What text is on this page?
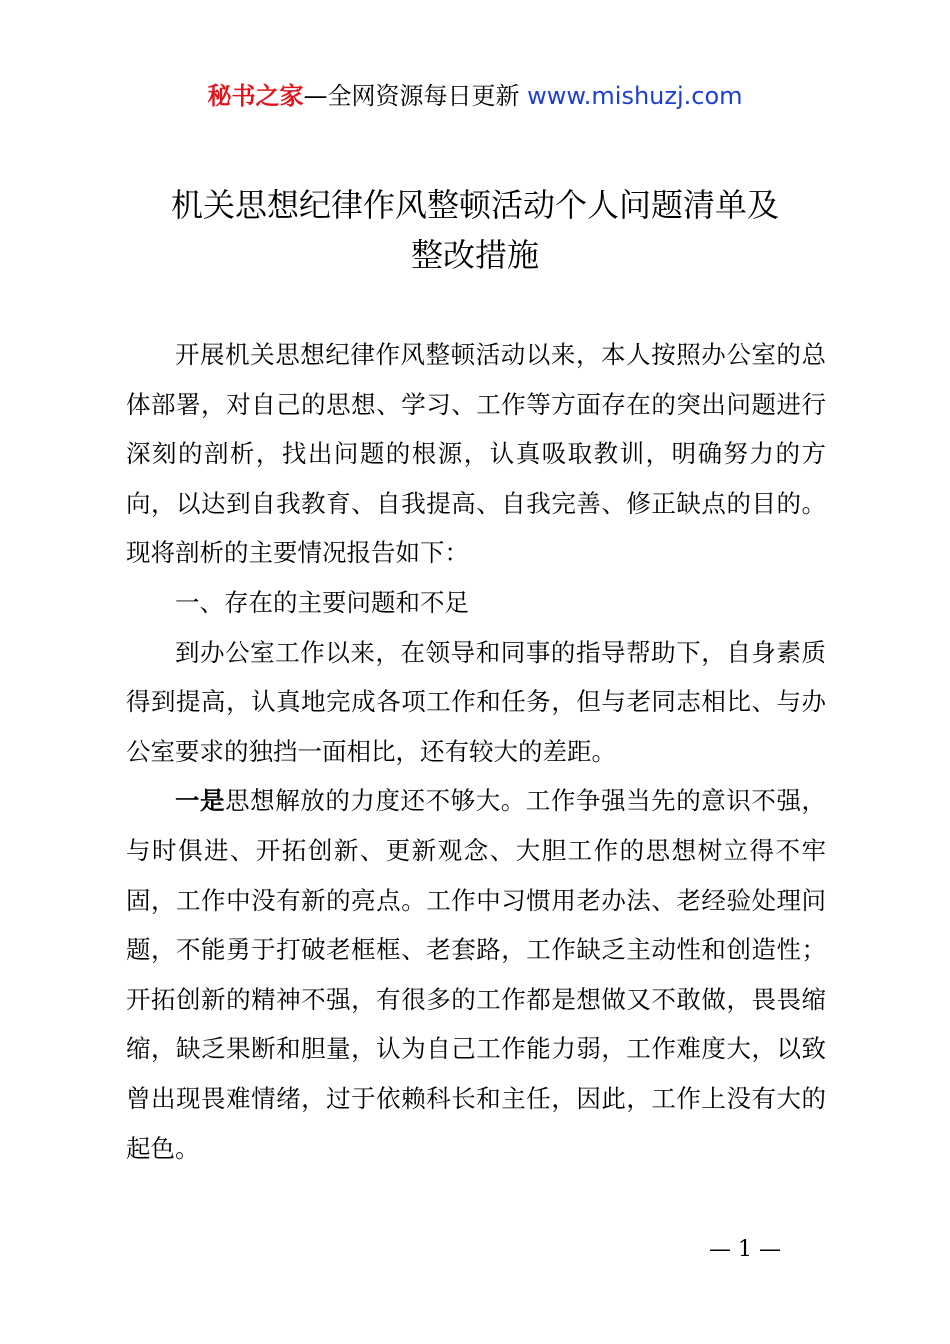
秘书之家—全网资源每日更新 www.mishuzj.com
机关思想纪律作风整顿活动个人问题清单及
整改措施

开展机关思想纪律作风整顿活动以来，本人按照办公室的总体部署，对自己的思想、学习、工作等方面存在的突出问题进行深刻的剖析，找出问题的根源，认真吸取教训，明确努力的方向，以达到自我教育、自我提高、自我完善、修正缺点的目的。现将剖析的主要情况报告如下：

一、存在的主要问题和不足

到办公室工作以来，在领导和同事的指导帮助下，自身素质得到提高，认真地完成各项工作和任务，但与老同志相比、与办公室要求的独挡一面相比，还有较大的差距。

一是思想解放的力度还不够大。工作争强当先的意识不强，与时俱进、开拓创新、更新观念、大胆工作的思想树立得不牢固，工作中没有新的亮点。工作中习惯用老办法、老经验处理问题，不能勇于打破老框框、老套路，工作缺乏主动性和创造性；开拓创新的精神不强，有很多的工作都是想做又不敢做，畏畏缩缩，缺乏果断和胆量，认为自己工作能力弱，工作难度大，以致曾出现畏难情绪，过于依赖科长和主任，因此，工作上没有大的起色。

— 1 —
